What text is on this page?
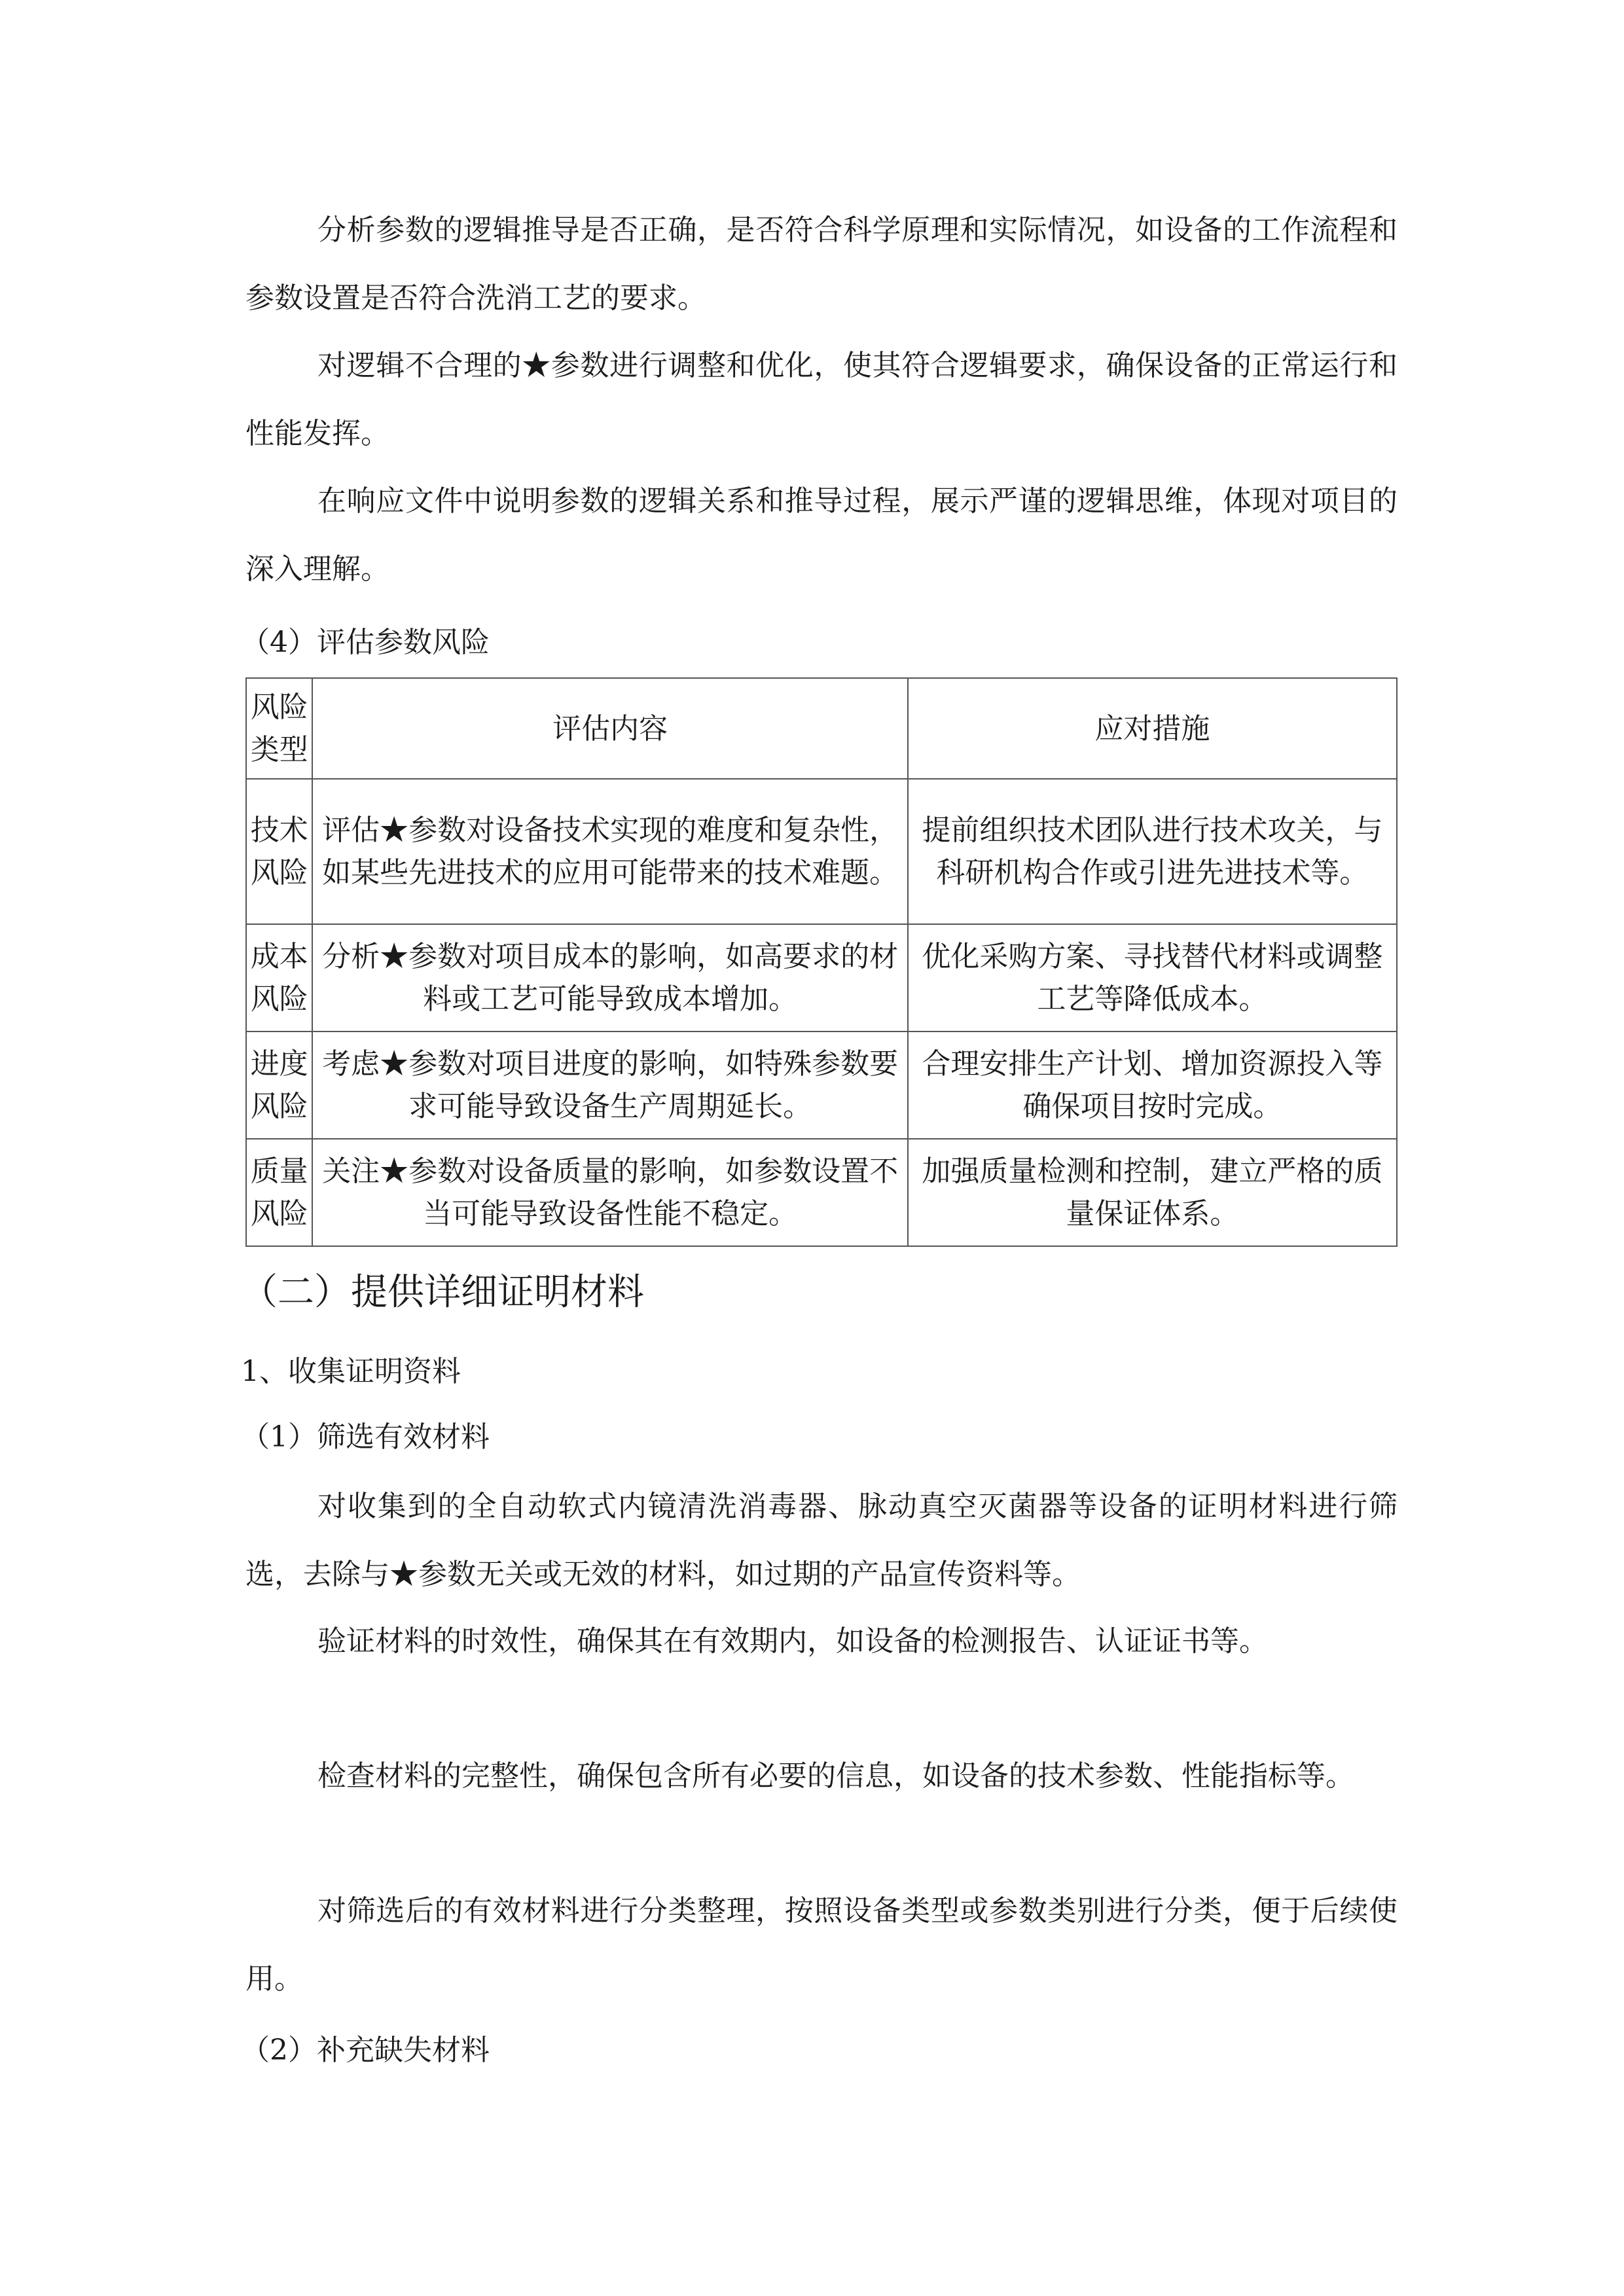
分析参数的逻辑推导是否正确，是否符合科学原理和实际情况，如设备的工作流程和参数设置是否符合洗消工艺的要求。

对逻辑不合理的★参数进行调整和优化，使其符合逻辑要求，确保设备的正常运行和性能发挥。

在响应文件中说明参数的逻辑关系和推导过程，展示严谨的逻辑思维，体现对项目的深入理解。

（4）评估参数风险

风险类型	评估内容	应对措施
技术风险	评估★参数对设备技术实现的难度和复杂性，如某些先进技术的应用可能带来的技术难题。	提前组织技术团队进行技术攻关，与科研机构合作或引进先进技术等。
成本风险	分析★参数对项目成本的影响，如高要求的材料或工艺可能导致成本增加。	优化采购方案、寻找替代材料或调整工艺等降低成本。
进度风险	考虑★参数对项目进度的影响，如特殊参数要求可能导致设备生产周期延长。	合理安排生产计划、增加资源投入等确保项目按时完成。
质量风险	关注★参数对设备质量的影响，如参数设置不当可能导致设备性能不稳定。	加强质量检测和控制，建立严格的质量保证体系。

（二）提供详细证明材料

1、收集证明资料

（1）筛选有效材料

对收集到的全自动软式内镜清洗消毒器、脉动真空灭菌器等设备的证明材料进行筛选，去除与★参数无关或无效的材料，如过期的产品宣传资料等。

验证材料的时效性，确保其在有效期内，如设备的检测报告、认证证书等。

检查材料的完整性，确保包含所有必要的信息，如设备的技术参数、性能指标等。

对筛选后的有效材料进行分类整理，按照设备类型或参数类别进行分类，便于后续使用。

（2）补充缺失材料
